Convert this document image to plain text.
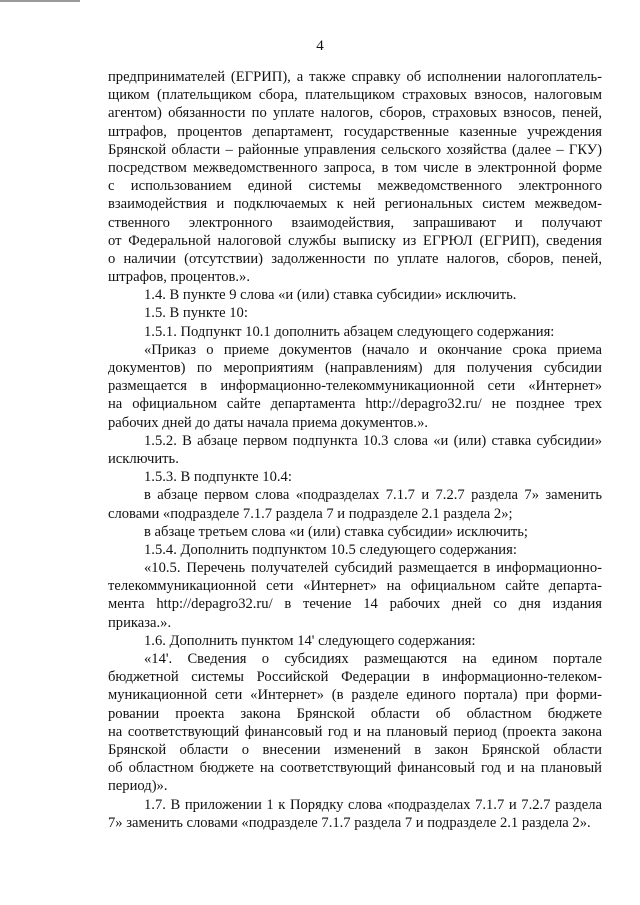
4
предпринимателей (ЕГРИП), а также справку об исполнении налогоплатель-
щиком (плательщиком сбора, плательщиком страховых взносов, налоговым
агентом) обязанности по уплате налогов, сборов, страховых взносов, пеней,
штрафов, процентов департамент, государственные казенные учреждения
Брянской области – районные управления сельского хозяйства (далее – ГКУ)
посредством межведомственного запроса, в том числе в электронной форме
с использованием единой системы межведомственного электронного
взаимодействия и подключаемых к ней региональных систем межведом-
ственного электронного взаимодействия, запрашивают и получают
от Федеральной налоговой службы выписку из ЕГРЮЛ (ЕГРИП), сведения
о наличии (отсутствии) задолженности по уплате налогов, сборов, пеней,
штрафов, процентов.».
1.4. В пункте 9 слова «и (или) ставка субсидии» исключить.
1.5. В пункте 10:
1.5.1. Подпункт 10.1 дополнить абзацем следующего содержания:
«Приказ о приеме документов (начало и окончание срока приема
документов) по мероприятиям (направлениям) для получения субсидии
размещается в информационно-телекоммуникационной сети «Интернет»
на официальном сайте департамента http://depagro32.ru/ не позднее трех
рабочих дней до даты начала приема документов.».
1.5.2. В абзаце первом подпункта 10.3 слова «и (или) ставка субсидии»
исключить.
1.5.3. В подпункте 10.4:
в абзаце первом слова «подразделах 7.1.7 и 7.2.7 раздела 7» заменить
словами «подразделе 7.1.7 раздела 7 и подразделе 2.1 раздела 2»;
в абзаце третьем слова «и (или) ставка субсидии» исключить;
1.5.4. Дополнить подпунктом 10.5 следующего содержания:
«10.5. Перечень получателей субсидий размещается в информационно-
телекоммуникационной сети «Интернет» на официальном сайте департа-
мента http://depagro32.ru/ в течение 14 рабочих дней со дня издания
приказа.».
1.6. Дополнить пунктом 14' следующего содержания:
«14'. Сведения о субсидиях размещаются на едином портале
бюджетной системы Российской Федерации в информационно-телеком-
муникационной сети «Интернет» (в разделе единого портала) при форми-
ровании проекта закона Брянской области об областном бюджете
на соответствующий финансовый год и на плановый период (проекта закона
Брянской области о внесении изменений в закон Брянской области
об областном бюджете на соответствующий финансовый год и на плановый
период)».
1.7. В приложении 1 к Порядку слова «подразделах 7.1.7 и 7.2.7 раздела
7» заменить словами «подразделе 7.1.7 раздела 7 и подразделе 2.1 раздела 2».
